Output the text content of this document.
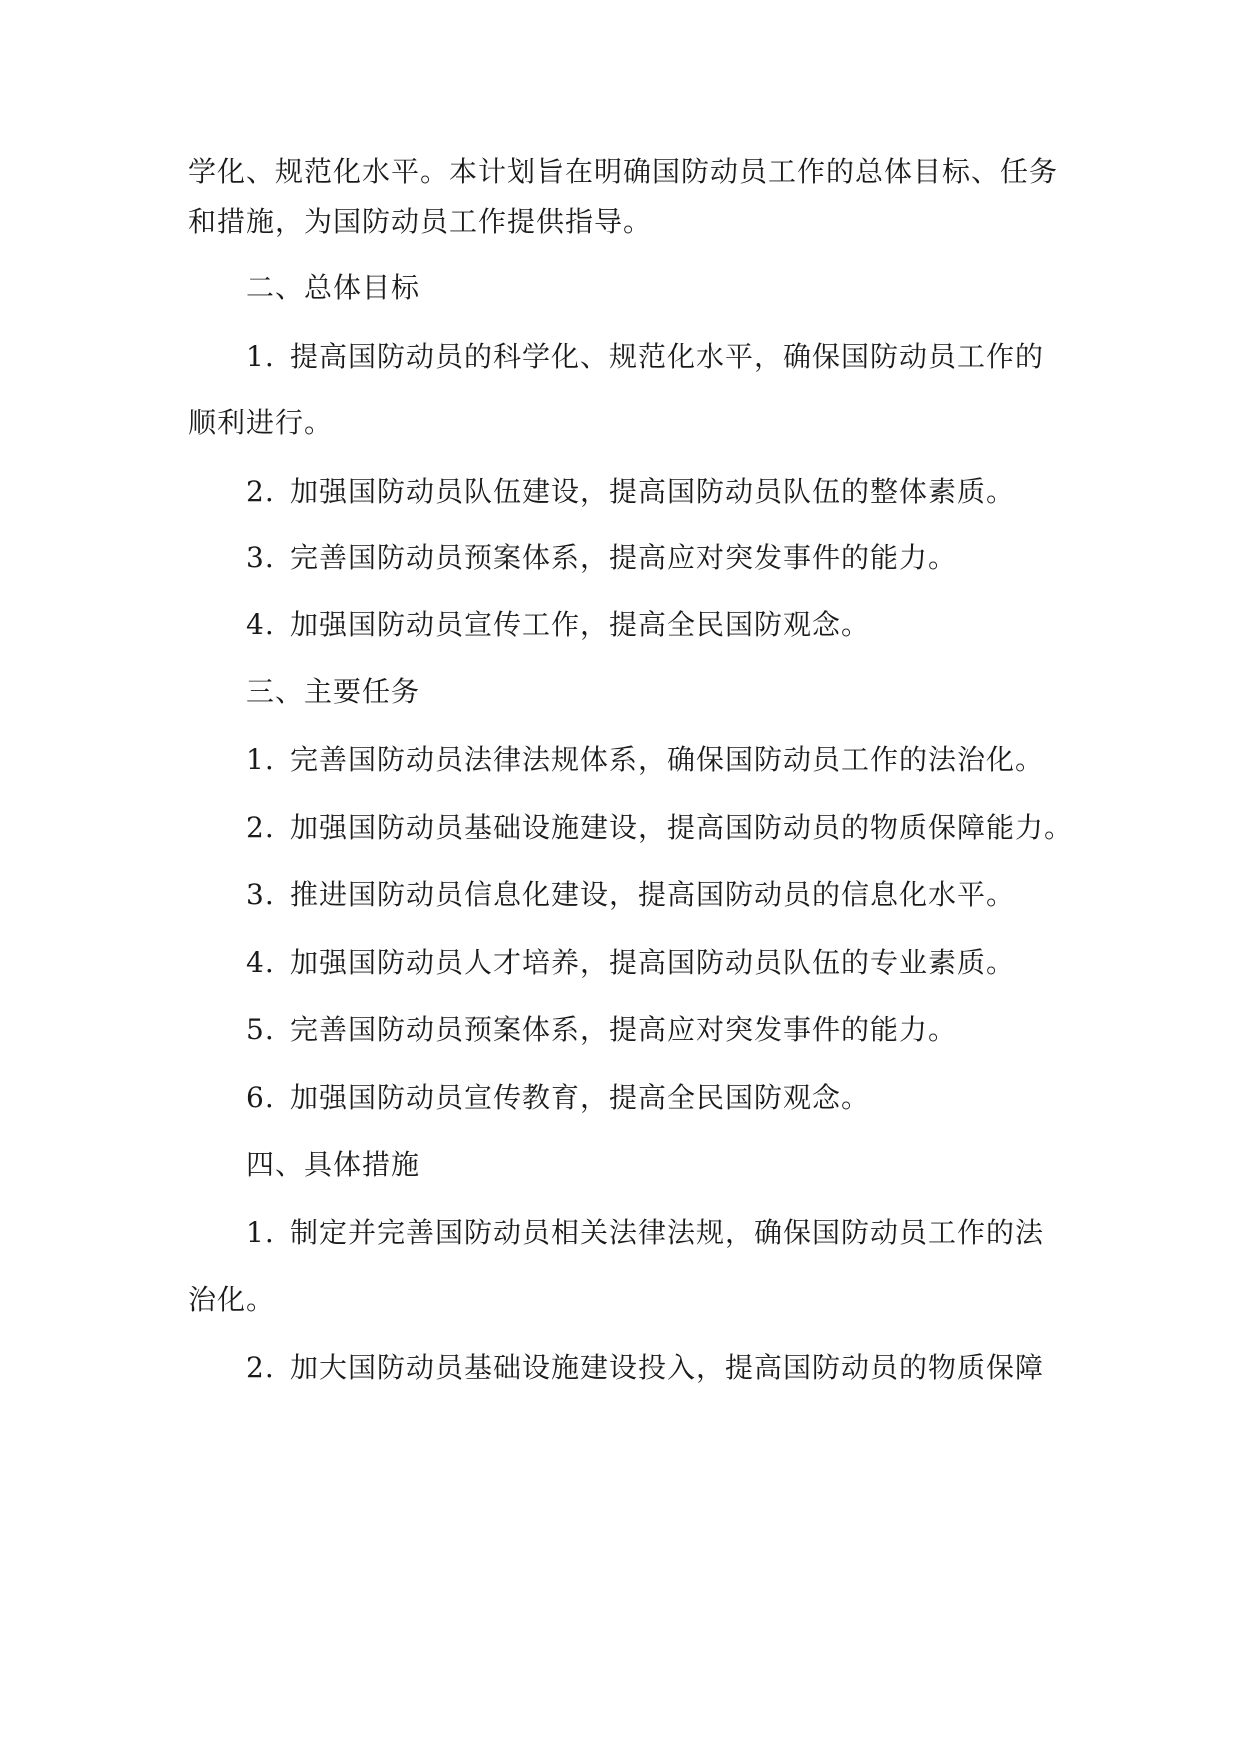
学化、规范化水平。本计划旨在明确国防动员工作的总体目标、任务
和措施，为国防动员工作提供指导。
二、总体目标
1. 提高国防动员的科学化、规范化水平，确保国防动员工作的
顺利进行。
2. 加强国防动员队伍建设，提高国防动员队伍的整体素质。
3. 完善国防动员预案体系，提高应对突发事件的能力。
4. 加强国防动员宣传工作，提高全民国防观念。
三、主要任务
1. 完善国防动员法律法规体系，确保国防动员工作的法治化。
2. 加强国防动员基础设施建设，提高国防动员的物质保障能力。
3. 推进国防动员信息化建设，提高国防动员的信息化水平。
4. 加强国防动员人才培养，提高国防动员队伍的专业素质。
5. 完善国防动员预案体系，提高应对突发事件的能力。
6. 加强国防动员宣传教育，提高全民国防观念。
四、具体措施
1. 制定并完善国防动员相关法律法规，确保国防动员工作的法
治化。
2. 加大国防动员基础设施建设投入，提高国防动员的物质保障
